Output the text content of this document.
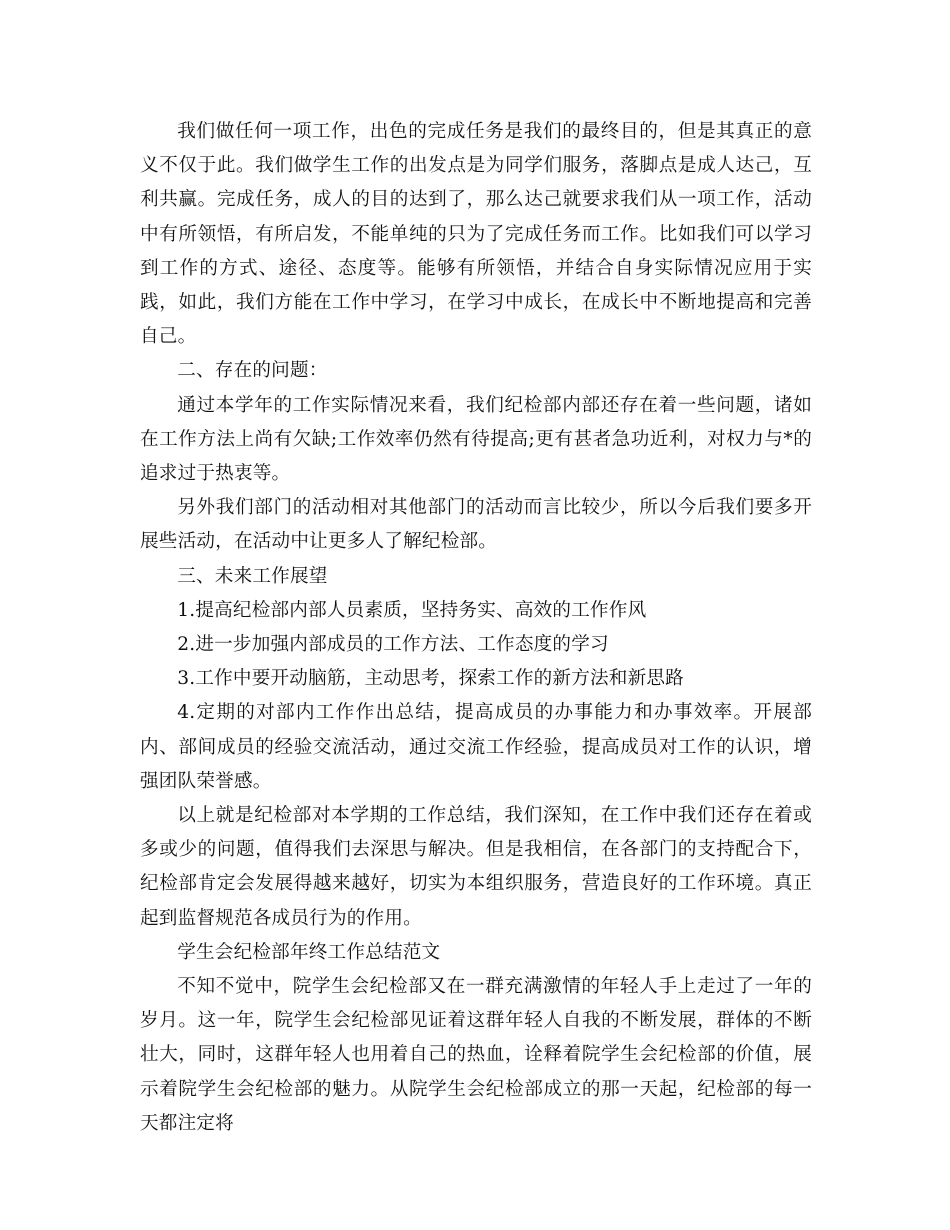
我们做任何一项工作，出色的完成任务是我们的最终目的，但是其真正的意义不仅于此。我们做学生工作的出发点是为同学们服务，落脚点是成人达己，互利共赢。完成任务，成人的目的达到了，那么达己就要求我们从一项工作，活动中有所领悟，有所启发，不能单纯的只为了完成任务而工作。比如我们可以学习到工作的方式、途径、态度等。能够有所领悟，并结合自身实际情况应用于实践，如此，我们方能在工作中学习，在学习中成长，在成长中不断地提高和完善自己。

二、存在的问题：

通过本学年的工作实际情况来看，我们纪检部内部还存在着一些问题，诸如在工作方法上尚有欠缺;工作效率仍然有待提高;更有甚者急功近利，对权力与*的追求过于热衷等。

另外我们部门的活动相对其他部门的活动而言比较少，所以今后我们要多开展些活动，在活动中让更多人了解纪检部。

三、未来工作展望

1.提高纪检部内部人员素质，坚持务实、高效的工作作风

2.进一步加强内部成员的工作方法、工作态度的学习

3.工作中要开动脑筋，主动思考，探索工作的新方法和新思路

4.定期的对部内工作作出总结，提高成员的办事能力和办事效率。开展部内、部间成员的经验交流活动，通过交流工作经验，提高成员对工作的认识，增强团队荣誉感。

以上就是纪检部对本学期的工作总结，我们深知，在工作中我们还存在着或多或少的问题，值得我们去深思与解决。但是我相信，在各部门的支持配合下，纪检部肯定会发展得越来越好，切实为本组织服务，营造良好的工作环境。真正起到监督规范各成员行为的作用。

学生会纪检部年终工作总结范文

不知不觉中，院学生会纪检部又在一群充满激情的年轻人手上走过了一年的岁月。这一年，院学生会纪检部见证着这群年轻人自我的不断发展，群体的不断壮大，同时，这群年轻人也用着自己的热血，诠释着院学生会纪检部的价值，展示着院学生会纪检部的魅力。从院学生会纪检部成立的那一天起，纪检部的每一天都注定将
